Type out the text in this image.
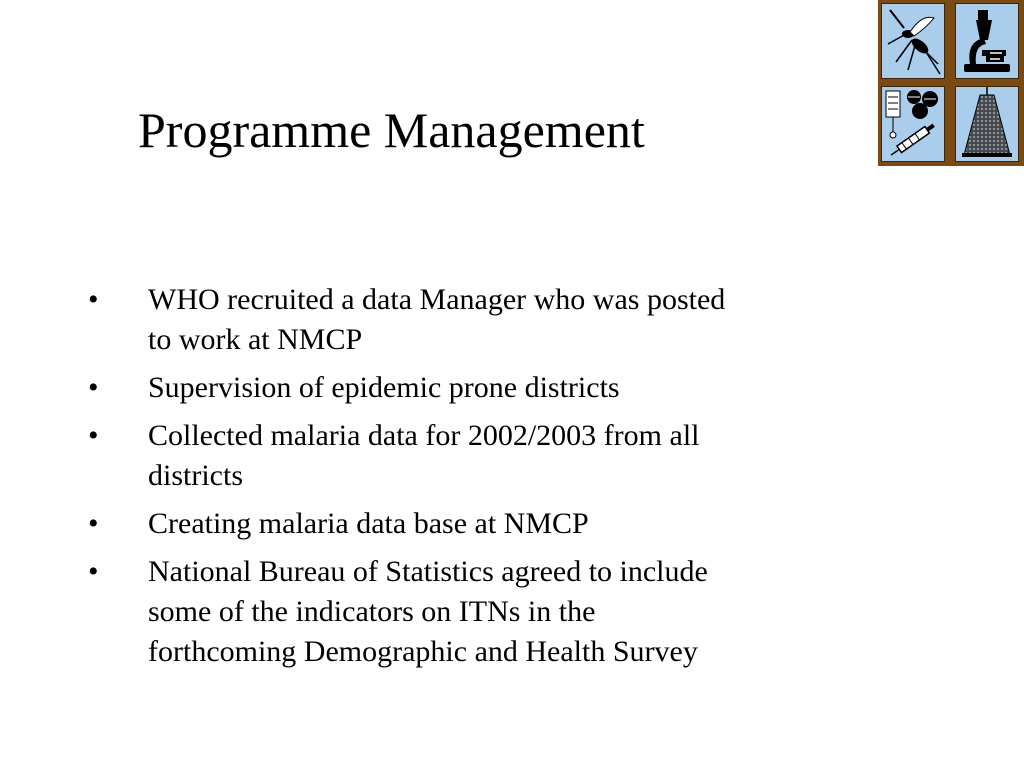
Programme Management
• WHO recruited a data Manager who was posted
to work at NMCP
• Supervision of epidemic prone districts
• Collected malaria data for 2002/2003 from all
districts
• Creating malaria data base at NMCP
• National Bureau of Statistics agreed to include
some of the indicators on ITNs in the
forthcoming Demographic and Health Survey
